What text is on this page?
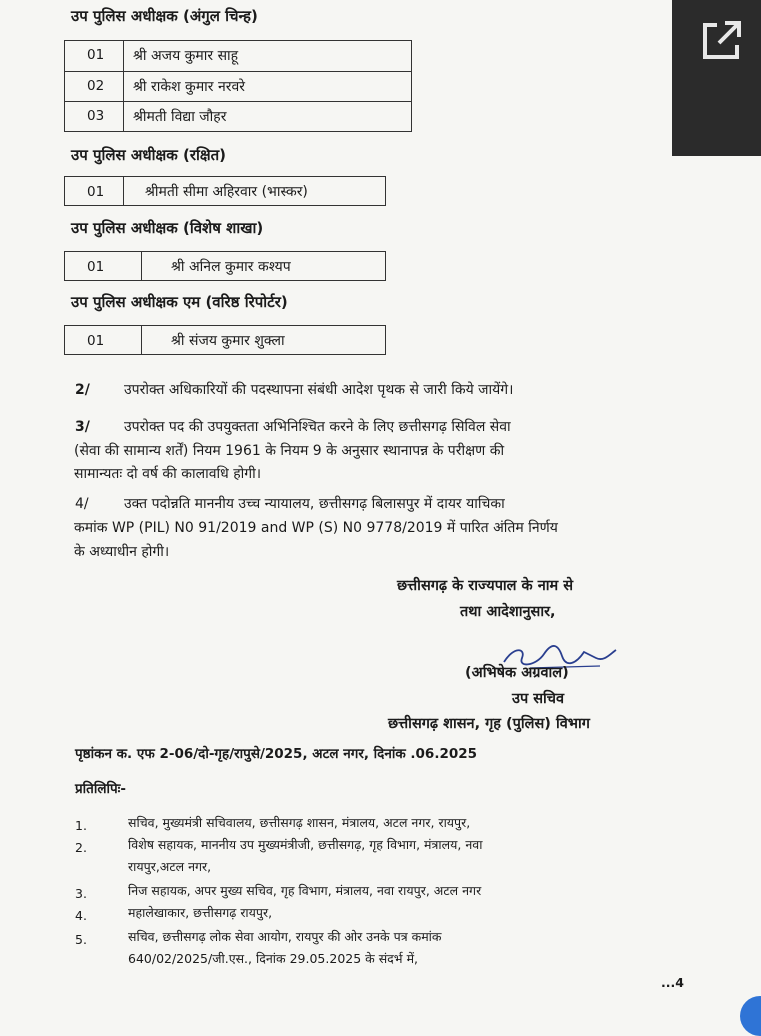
उप पुलिस अधीक्षक (अंगुल चिन्ह)
01 श्री अजय कुमार साहू
02 श्री राकेश कुमार नरवरे
03 श्रीमती विद्या जौहर
उप पुलिस अधीक्षक (रक्षित)
01	श्रीमती सीमा अहिरवार (भास्कर)
उप पुलिस अधीक्षक (विशेष शाखा)
01	श्री अनिल कुमार कश्यप
उप पुलिस अधीक्षक एम (वरिष्ठ रिपोर्टर)
01	श्री संजय कुमार शुक्ला
2/ उपरोक्त अधिकारियों की पदस्थापना संबंधी आदेश पृथक से जारी किये जायेंगे।
3/ उपरोक्त पद की उपयुक्तता अभिनिश्चित करने के लिए छत्तीसगढ़ सिविल सेवा
(सेवा की सामान्य शर्तें) नियम 1961 के नियम 9 के अनुसार स्थानापन्न के परीक्षण की
सामान्यतः दो वर्ष की कालावधि होगी।
4/	उक्त पदोन्नति माननीय उच्च न्यायालय, छत्तीसगढ़ बिलासपुर में दायर याचिका
कमांक WP (PIL) N0 91/2019 and WP (S) N0 9778/2019 में पारित अंतिम निर्णय
के अध्याधीन होगी।
छत्तीसगढ़ के राज्यपाल के नाम से
तथा आदेशानुसार,
(अभिषेक अग्रवाल)
उप सचिव
छत्तीसगढ़ शासन, गृह (पुलिस) विभाग
पृष्ठांकन क. एफ 2-06/दो-गृह/रापुसे/2025, अटल नगर, दिनांक .06.2025
प्रतिलिपिः-
1.	सचिव, मुख्यमंत्री सचिवालय, छत्तीसगढ़ शासन, मंत्रालय, अटल नगर, रायपुर,
2.	विशेष सहायक, माननीय उप मुख्यमंत्रीजी, छत्तीसगढ़, गृह विभाग, मंत्रालय, नवा
रायपुर,अटल नगर,
3.	निज सहायक, अपर मुख्य सचिव, गृह विभाग, मंत्रालय, नवा रायपुर, अटल नगर
4.	महालेखाकार, छत्तीसगढ़ रायपुर,
5.	सचिव, छत्तीसगढ़ लोक सेवा आयोग, रायपुर की ओर उनके पत्र कमांक
640/02/2025/जी.एस., दिनांक 29.05.2025 के संदर्भ में,
...4
